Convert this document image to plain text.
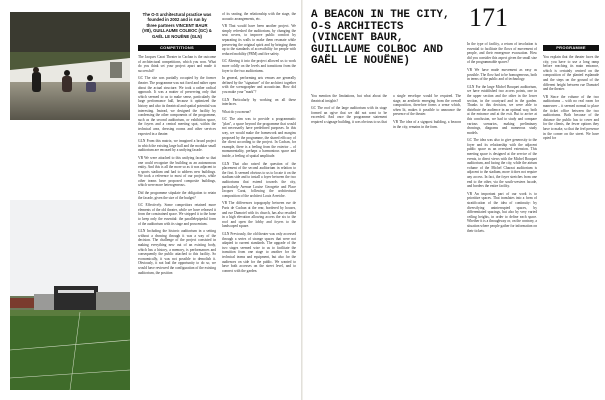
The O-S architectural practice was founded in 2002 and is run by three partners VINCENT BAUR (VB), GUILLAUME COLBOC (GC) & GAËL LE NOUËNE (GLN)
COMPETITIONS

The Jacques Carat Theater in Cachan is the outcome of architectural competitions, which you won. What do you think set your project apart and made it successful?

GC The site was partially occupied by the former theater. The programme was not fixed and rather open about the actual structure. We took a rather radical approach. It was a matter of preserving only that which seemed to us to make sense, particularly the large performance hall, because it optimized the history and also its theatrical and spatial potential was interesting. Instead, we designed the facility by condensing the other components of the programme, such as the second auditorium, or exhibition space, the foyers and a central meeting spot, within the technical area, dressing rooms and other services expected in a theater.

GLN From this matrix, we imagined a broad project in which the existing large hall and the modular small auditorium are encased by a unifying facade.

VB We were attached to this unifying facade so that one could recognize the building as an autonomous entity. And this is all the more so as it was adjacent to a sports stadium and had to address new buildings. We took a reference to most of our projects, while other teams have proposed composite buildings, which were more heterogeneous.

Did the programme stipulate the obligation to retain the facade, given the size of the budget?

GC Effectively. Some competitors retained more elements of the old theater, while we have released it from the constrained space. We stripped it to the bone to keep only the essential: the parallelepipedal form of the auditorium with its stage and proscenium.

GLN Including the historic auditorium in a setting without a drawing through it was a way of the decision. The challenge of the project consisted in making everything new out of an existing body, which has a history, a memory, is performances and consequently the public attached to this facility. So economically, it was not possible to demolish it. Obviously, it not had the opportunity to do so, we would have reviewed the configuration of the existing auditorium, the position

of its seating, the relationship with the stage, the acoustic arrangements, etc.

VB That would have been another project. We simply refreshed the auditorium, by changing the seat covers, to improve public comfort by separating its walls to make them resonate while preserving the original spirit and by bringing them up to the standards of accessibility for people with reduced mobility (PRM) and fire safety.

GC Altering it into the project allowed us to work more coldly on the levels and transitions from the foyer to the two auditoriums.

In general, performing arts venues are generally defined by the "signature" of the architect together with the scenographer and acoustician. How did you make your "mark"?

GLN Particularly by working on all these interfaces.

What do you mean?

GC The aim was to provide a programmatic "plan", a space beyond the programme that would not necessarily have predefined purposes. In this way, we would make the framework and margins proposed by the programme, the shared efficacy of the client according to the project. In Cachan, for example, there is a feeling from the exterior – of monumentality, perhaps a harmonious space and inside, a feeling of spatial amplitude.

GLN That also raised the question of the placement of the second auditorium in relation to the first. It seemed obvious to us to locate it on the stadium side and to install a foyer between the two auditoriums that extend towards the city, particularly Avenue Louise Georgette and Place Jacques Carat, following the architectural composition of the architect Louis Arretche.

VB The differences topography between rue de Paris de Cachan at the rear, bordered by houses, and rue Dumotel with its church, has also resulted in a high elevation allowing access the six to the roof and open the lobby and foyers to the landscaped square.

GLN Previously, the old theater was only accessed through a series of strange spaces that were not adapted to current standards. The upgrade of the two stages seemed wise to us to facilitate the transition from one stage to another for the technical teams and equipment, but also for the audiences on side for the public. We wanted to have both accesses on the street level, and to connect with the garden.

A BEACON IN THE CITY, O-S ARCHITECTS (VINCENT BAUR, GUILLAUME COLBOC AND GAËL LE NOUËNE)
171

You mention the limitations, but what about the theatrical insights?

GC The roof of the large auditorium with its stage formed an ogive that we did not want to be exceeded. And once the programme statement required a signage building, it was obvious to us that

a single envelope would be required. The stage, an aesthetic emerging from the overall composition, therefore forms a sense which, when lit, makes it possible to announce the presence of the theater.

VB The idea of a signpost building, a beacon in the city, remains in the form.

In the type of facility, a return of involution is essential to facilitate the flows of movement of people, and their emergence evacuation. How did you consider this aspect given the small size of the programmable spaces?

VB We have made movement as easy as possible. The flow had to be homogeneous, both in terms of the public and of technology.

GLN For the large Michel Bouquet auditorium, we have established two access points, one in the upper section and the other in the lower section, in the courtyard and in the garden. Thanks to this decision, we were able to distribute the audience in an optimal way, both at the entrance and at the exit. But to arrive at this conclusion, we had to study and compare various scenarios, making preliminary drawings, diagrams and numerous study models.

GC The idea was also to give generosity to the foyer and its relationship with the adjacent public space as an oversized extension. This meeting space is designed at the service of the events, to direct views with the Michel Bouquet auditorium, and facing the city, while the atrium volume of the Michel Charzat auditorium is adjacent to the stadium, more it does not require any access. In fact, the foyer stretches from one end to the other, via the south-western facade, and borders the entire facility.

VB An important part of our work is to prioritize spaces. That translates into a form of stratification of the idea of continuity: by diversifying uninterrupted spaces, by differentiated spacings, but also by very varied ceiling heights, in order to define each space. Whether it is a throughway or, on the contrary, a situation where people gather for information on their tickets.

PROGRAMME

You explain that the theater faces the city, you have to use a long ramp before reaching its main entrance, which is certainly centred on the composition of the planted esplanade and the steps on the ground of the different height between rue Dumotel and the theater.

VB Since the volume of the two auditoriums – with no real room for maneuver – it seemed normal to place the ticket office between the two auditoriums. Both because of the distance the public has to cover and for the clients, the fewer options they have to make, so that the feel presence in the corner on the street. We have opted for
